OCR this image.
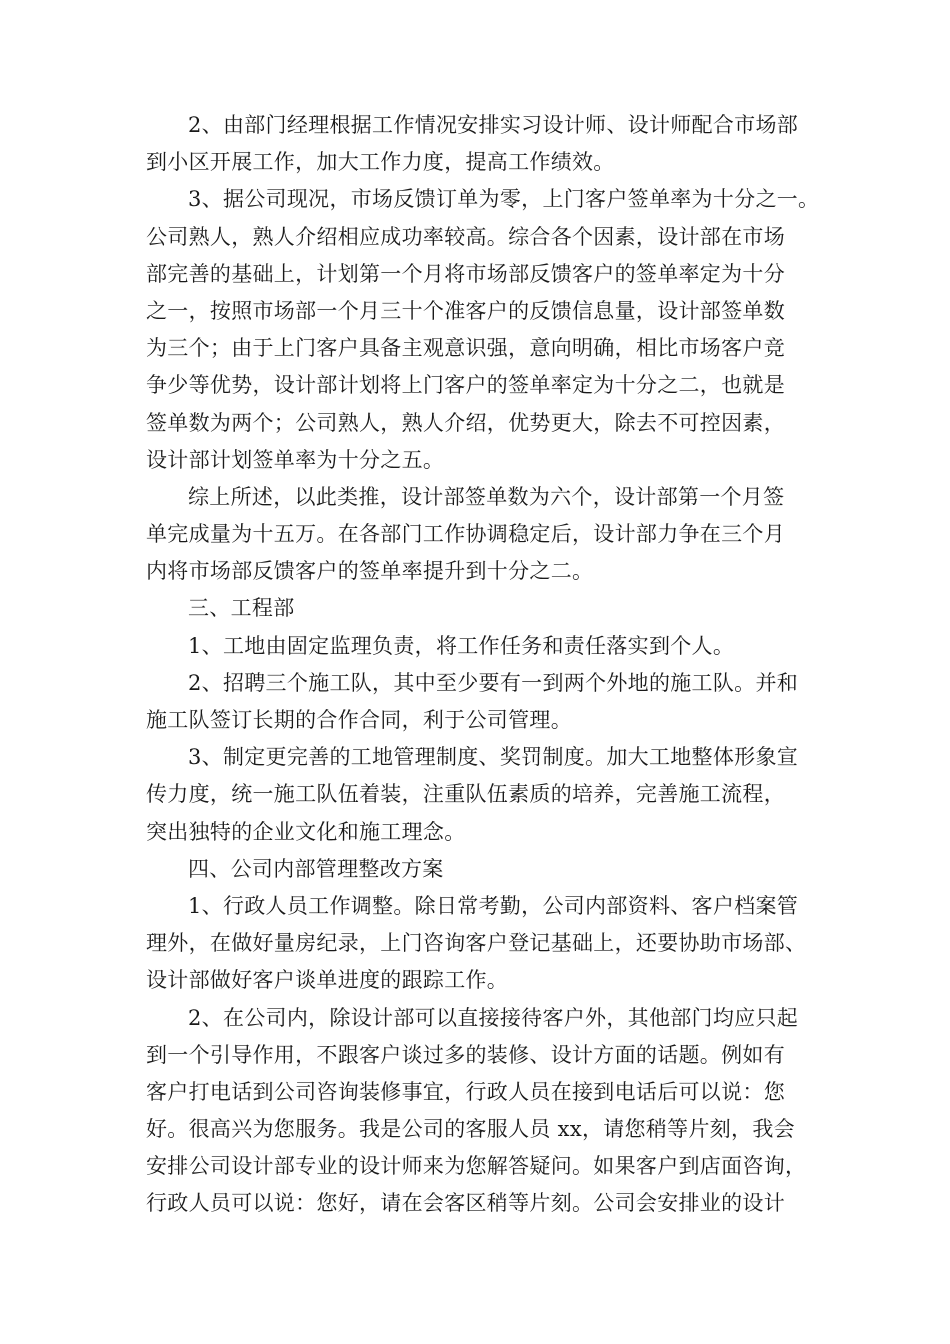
2、由部门经理根据工作情况安排实习设计师、设计师配合市场部
到小区开展工作，加大工作力度，提高工作绩效。
3、据公司现况，市场反馈订单为零，上门客户签单率为十分之一。
公司熟人，熟人介绍相应成功率较高。综合各个因素，设计部在市场
部完善的基础上，计划第一个月将市场部反馈客户的签单率定为十分
之一，按照市场部一个月三十个准客户的反馈信息量，设计部签单数
为三个；由于上门客户具备主观意识强，意向明确，相比市场客户竞
争少等优势，设计部计划将上门客户的签单率定为十分之二，也就是
签单数为两个；公司熟人，熟人介绍，优势更大，除去不可控因素，
设计部计划签单率为十分之五。
综上所述，以此类推，设计部签单数为六个，设计部第一个月签
单完成量为十五万。在各部门工作协调稳定后，设计部力争在三个月
内将市场部反馈客户的签单率提升到十分之二。
三、工程部
1、工地由固定监理负责，将工作任务和责任落实到个人。
2、招聘三个施工队，其中至少要有一到两个外地的施工队。并和
施工队签订长期的合作合同，利于公司管理。
3、制定更完善的工地管理制度、奖罚制度。加大工地整体形象宣
传力度，统一施工队伍着装，注重队伍素质的培养，完善施工流程，
突出独特的企业文化和施工理念。
四、公司内部管理整改方案
1、行政人员工作调整。除日常考勤，公司内部资料、客户档案管
理外，在做好量房纪录，上门咨询客户登记基础上，还要协助市场部、
设计部做好客户谈单进度的跟踪工作。
2、在公司内，除设计部可以直接接待客户外，其他部门均应只起
到一个引导作用，不跟客户谈过多的装修、设计方面的话题。例如有
客户打电话到公司咨询装修事宜，行政人员在接到电话后可以说：您
好。很高兴为您服务。我是公司的客服人员 xx，请您稍等片刻，我会
安排公司设计部专业的设计师来为您解答疑问。如果客户到店面咨询，
行政人员可以说：您好，请在会客区稍等片刻。公司会安排业的设计
